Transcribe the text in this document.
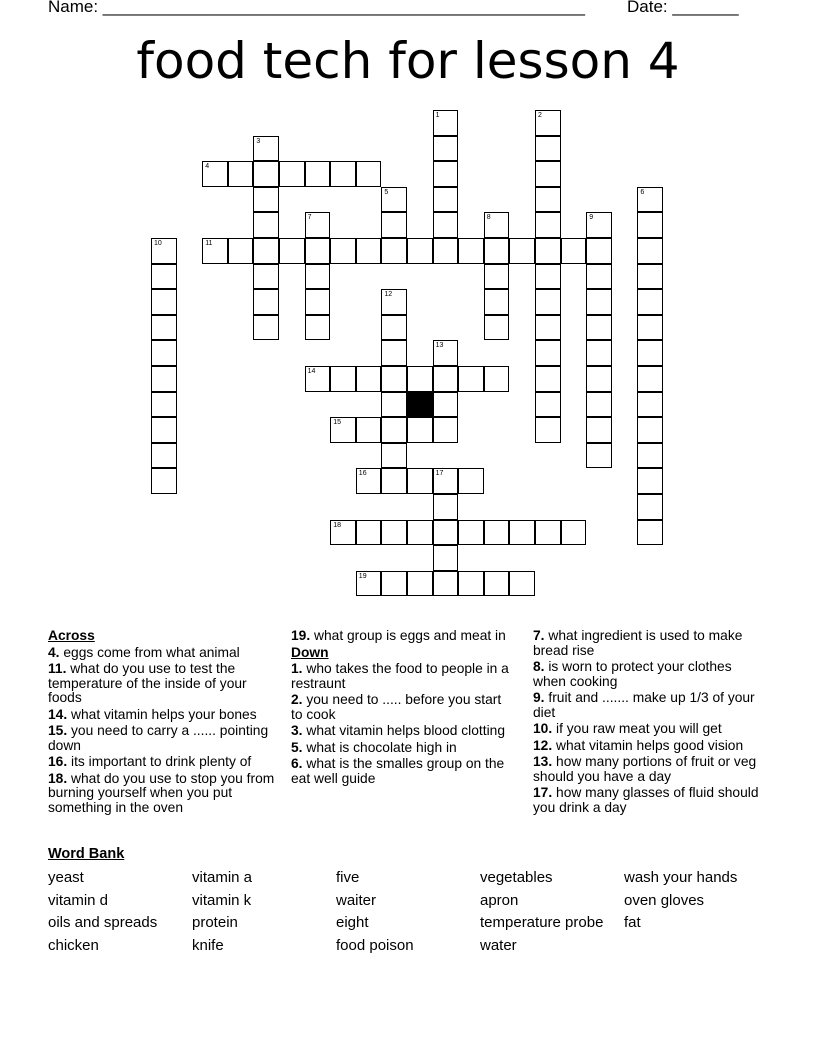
Name: ___________________________________________________ Date: _______
food tech for lesson 4
1	2
3
4
5	6
7	8	9
10	11
12
13
14
15
16	17
18
19
Across
4. eggs come from what animal
11. what do you use to test the temperature of the inside of your foods
14. what vitamin helps your bones
15. you need to carry a ...... pointing down
16. its important to drink plenty of
18. what do you use to stop you from burning yourself when you put something in the oven
19. what group is eggs and meat in
Down
1. who takes the food to people in a restraunt
2. you need to ..... before you start to cook
3. what vitamin helps blood clotting
5. what is chocolate high in
6. what is the smalles group on the eat well guide
7. what ingredient is used to make bread rise
8. is worn to protect your clothes when cooking
9. fruit and ....... make up 1/3 of your diet
10. if you raw meat you will get
12. what vitamin helps good vision
13. how many portions of fruit or veg should you have a day
17. how many glasses of fluid should you drink a day
Word Bank
yeast
vitamin d
oils and spreads
chicken
vitamin a
vitamin k
protein
knife
five
waiter
eight
food poison
vegetables
apron
temperature probe
water
wash your hands
oven gloves
fat
